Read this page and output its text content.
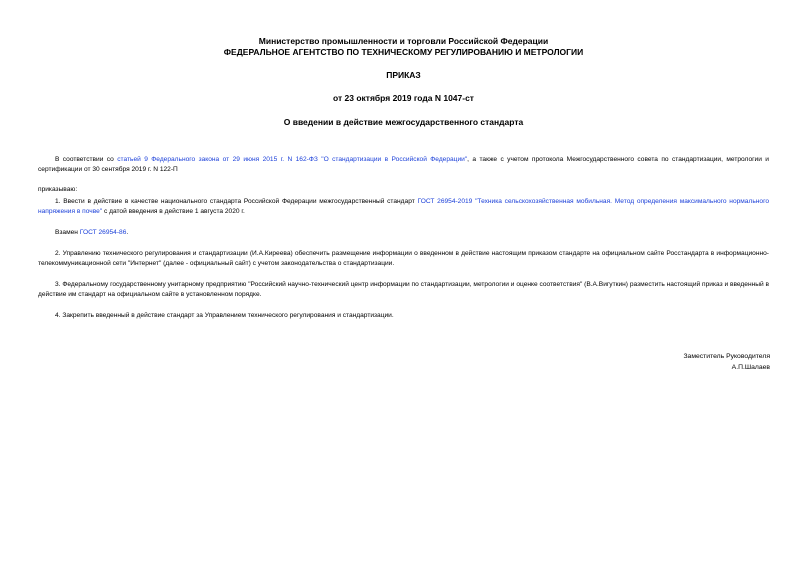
Министерство промышленности и торговли Российской Федерации
ФЕДЕРАЛЬНОЕ АГЕНТСТВО ПО ТЕХНИЧЕСКОМУ РЕГУЛИРОВАНИЮ И МЕТРОЛОГИИ
ПРИКАЗ
от 23 октября 2019 года N 1047-ст
О введении в действие межгосударственного стандарта
В соответствии со статьей 9 Федерального закона от 29 июня 2015 г. N 162-ФЗ "О стандартизации в Российской Федерации", а также с учетом протокола Межгосударственного совета по стандартизации, метрологии и сертификации от 30 сентября 2019 г. N 122-П
приказываю:
1. Ввести в действие в качестве национального стандарта Российской Федерации межгосударственный стандарт ГОСТ 26954-2019 "Техника сельскохозяйственная мобильная. Метод определения максимального нормального напряжения в почве" с датой введения в действие 1 августа 2020 г.
Взамен ГОСТ 26954-86.
2. Управлению технического регулирования и стандартизации (И.А.Киреева) обеспечить размещение информации о введенном в действие настоящим приказом стандарте на официальном сайте Росстандарта в информационно-телекоммуникационной сети "Интернет" (далее - официальный сайт) с учетом законодательства о стандартизации.
3. Федеральному государственному унитарному предприятию "Российский научно-технический центр информации по стандартизации, метрологии и оценке соответствия" (В.А.Вигуткин) разместить настоящий приказ и введенный в действие им стандарт на официальном сайте в установленном порядке.
4. Закрепить введенный в действие стандарт за Управлением технического регулирования и стандартизации.
Заместитель Руководителя
А.П.Шалаев
